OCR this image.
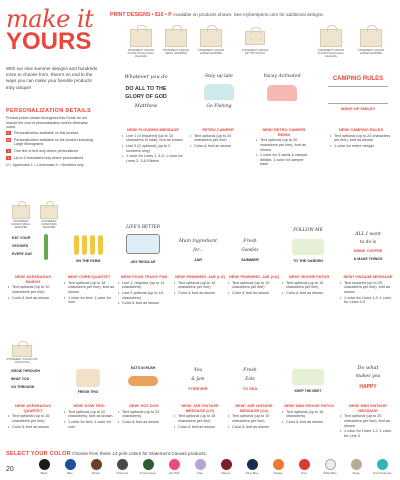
make it
YOURS
PRINT DESIGNS • $10 • P Available on products shown. See mybentpens.com for additional designs.
With our new summer designs and hundreds more to choose from, there’s no end to the ways you can make your favorite products truly unique!
PERSONALIZATION DETAILS
Product prices shown throughout this Guide do not include the cost of personalization unless otherwise noted.
P	Personalization available on this product
PL Personalization available on the product including Large Monograms
1	One line of text only where personalized
3	Up to 3 characters only where personalized
U = Uppercase L = Lowercase # = Numbers only
STATEMENT CANVAS FLOUR Provisions/Am. Hospitality
STATEMENT CANVAS SMALL SHOPPER
STATEMENT CANVAS LARGE SHOPPER
STATEMENT CANVAS ZIP TOP POUCH
STATEMENT CANVAS FLOUR Provisions/Am. Hospitality
STATEMENT CANVAS LARGE SHOPPER
Whatever you do
DO ALL TO THE
GLORY OF GOD
Matthew
NEW! FLOURISH MESSAGE
• Line 1 (4 required) (up to 10 characters in total), font as shown
• Line 5 (2 optional) (up to 2 numbers only)
• 1 color for Lines 1, 4-5; 1 color for Lines 2, 3 & Ribbon
Stay up late
Go Fishing
RETRO CAMPER
• Text optional (up to 20 characters per line)
• Color & font as shown
Vacay Activated
NEW! RETRO CAMPER REMIX
• Text optional (up to 20 characters per line), font as shown
• 1 color for 3 cards & camper details; 1 color for camper base
CAMPING RULES
WAKE UP SMILEY
NEW! CAMPING RULES
• Text optional (up to 20 characters per line), font as shown
• 1 color for entire design
STATEMENT CANVAS SMALL SHOPPER
STATEMENT CANVAS BIG SHOPPER
EAT YOUR
VEGGIES
EVERY DAY
NEW! ASPARAGUS BUNCH
• Text optional (up to 10 characters per line)
• Color & font as shown
ON THE FARM
NEW! CORN QUARTET
• Text optional (up to 18 characters per line), font as shown
• 1 color for text; 1 color for corn
LIFE'S BETTER
ANY REGULAR
NEW! FOOD TRUCK FUN
• Line 1, required (up to 12 characters)
• Line 2 optional (up to 18 characters)
• Color & font as shown
Main Ingredient
for...
JAR
NEW! PINWHEEL JAR (LG)
• Text optional (up to 16 characters per line)
• Color & font as shown
Fresh
Goodies
SUMMER
NEW! PINWHEEL JAR (CA)
• Text optional (up to 10 characters per line)
• Color & font as shown
FOLLOW ME
TO THE GARDEN
NEW! VEGGIE PATCH
• Text optional (up to 15 characters per line)
• Color & font as shown
ALL I want
to do is
DRINK COFFEE
& MAKE THINGS
NEW! VINTAGE MESSAGE
• Text required (up to 20 characters per line), font as shown
• 1 color for Lines 1-3; 1 color for Lines 3-4
STATEMENT CANVAS ZIP TOP POUCH
GROW THROUGH
WHAT YOU
GO THROUGH
NEW! ASPARAGUS QUARTET
• Text optional (up to 16 characters per line)
• Color & font as shown
FRESH TRIO
NEW! DOW TRIO
• Text optional (up to 20 characters), font as shown
• 1 color for text; 1 color for corn
EAT'S IN RUSH
NEW! HOT DOG
• Text optional (up to 20 characters)
• Color & font as shown
You
& Jam
FOREVER
NEW! JAR VINTAGE MESSAGE (LG)
• Text optional (up to 16 characters per line)
• Color & font as shown
Fresh
Eats
TO SEA
NEW! JAR VINTAGE MESSAGE (CA)
• Text optional (up to 10 characters per line)
• Color & font as shown
KEEP THE BEET
NEW! MINI VEGGIE PATCH
• Text optional (up to 16 characters)
• Color & font as shown
Do what
makes you
HAPPY
NEW! MINI VINTAGE MESSAGE
• Text optional (up to 20 characters per line), font as shown
• 1 color for Lines 1-2; 1 color for Line 3
SELECT YOUR COLOR Choose from these 14 print colors for Statement Canvas products.
Black	Blue	Brown	Charcoal	Forest Green	Hot Pink	Lilac	Maroon	Navy Blue	Orange	Red	White Blue	Taupe	True Turquoise
20
